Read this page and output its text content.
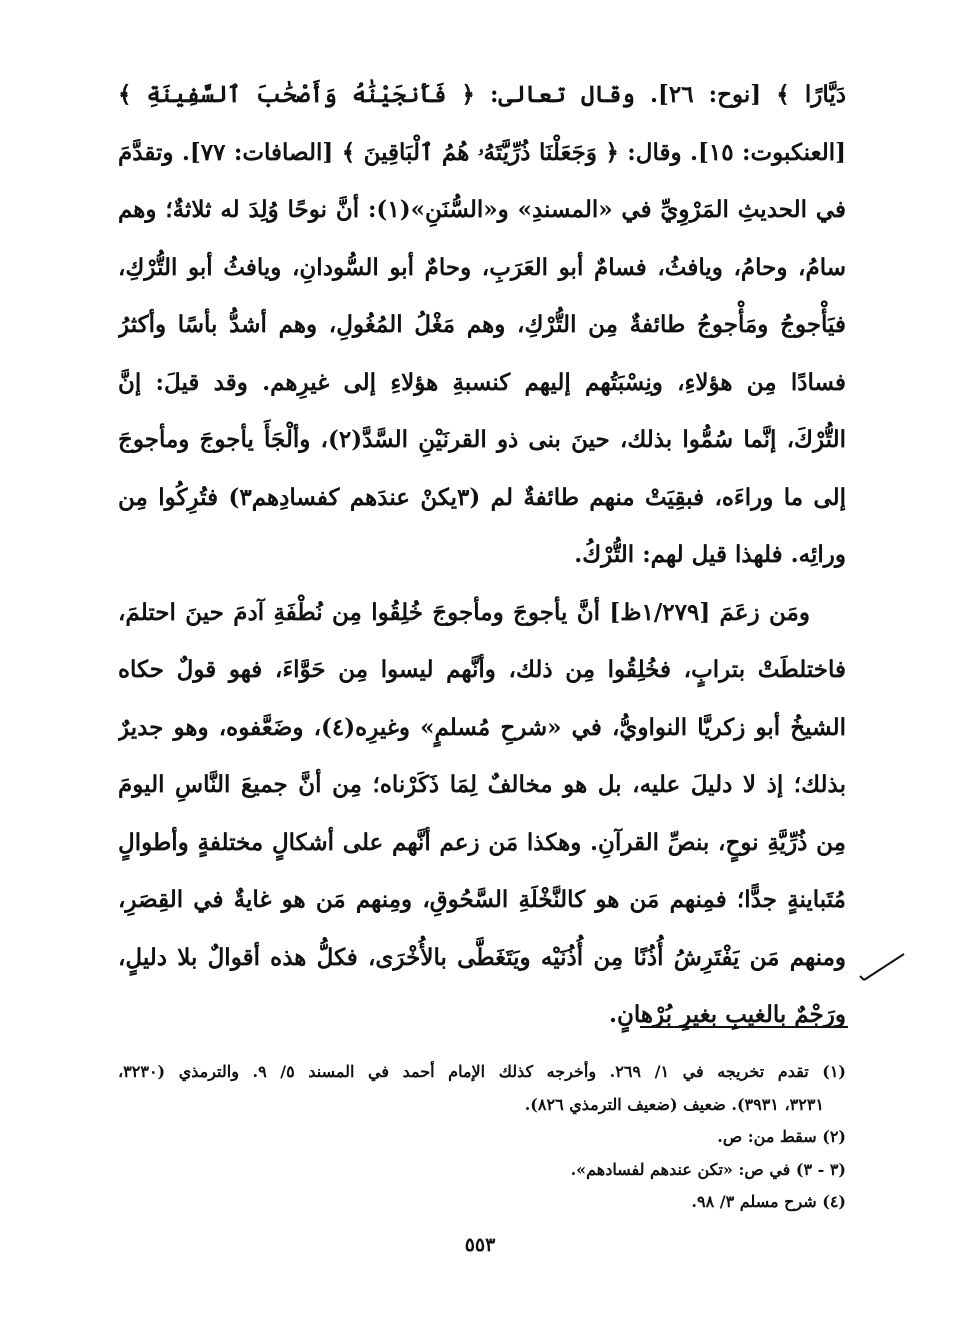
دَيَّارًا ﴾ [نوح: ٢٦]. وقال تعالى: ﴿ فَأَنجَيْنَٰهُ وَأَصْحَٰبَ ٱلسَّفِينَةِ ﴾
[العنكبوت: ١٥]. وقال: ﴿ وَجَعَلْنَا ذُرِّيَّتَهُۥ هُمُ ٱلْبَاقِينَ ﴾ [الصافات: ٧٧]. وتقدَّمَ
في الحديثِ المَرْوِيِّ في «المسندِ» و«السُّنَنِ»(١): أنَّ نوحًا وُلِدَ له ثلاثةٌ؛ وهم
سامُ، وحامُ، ويافثُ، فسامٌ أبو العَرَبِ، وحامٌ أبو السُّودانِ، ويافثُ أبو التُّرْكِ،
فيَأْجوجُ ومَأْجوجُ طائفةٌ مِن التُّرْكِ، وهم مَغْلُ المُغُولِ، وهم أشدُّ بأسًا وأكثرُ
فسادًا مِن هؤلاءِ، ونِسْبَتُهم إليهم كنسبةِ هؤلاءِ إلى غيرِهم. وقد قيلَ: إنَّ
التُّرْكَ، إنَّما سُمُّوا بذلك، حينَ بنى ذو القرنَيْنِ السَّدَّ(٢)، وألْجَأَ يأجوجَ ومأجوجَ
إلى ما وراءَه، فبقِيَتْ منهم طائفةٌ لم (٣يكنْ عندَهم كفسادِهم٣) فتُرِكُوا مِن
ورائِه. فلهذا قيل لهم: التُّرْكُ.
ومَن زعَمَ [١/٢٧٩ظ] أنَّ يأجوجَ ومأجوجَ خُلِقُوا مِن نُطْفَةِ آدمَ حينَ احتلمَ،
فاختلطَتْ بترابٍ، فخُلِقُوا مِن ذلك، وأنَّهم ليسوا مِن حَوَّاءَ، فهو قولٌ حكاه
الشيخُ أبو زكريَّا النواويُّ، في «شرحِ مُسلمٍ» وغيرِه(٤)، وضَعَّفوه، وهو جديرٌ
بذلك؛ إذ لا دليلَ عليه، بل هو مخالفٌ لِمَا ذَكَرْناه؛ مِن أنَّ جميعَ النَّاسِ اليومَ
مِن ذُرِّيَّةِ نوحٍ، بنصِّ القرآنِ. وهكذا مَن زعم أنَّهم على أشكالٍ مختلفةٍ وأطوالٍ
مُتَباينةٍ جدًّا؛ فمِنهم مَن هو كالنَّخْلَةِ السَّحُوقِ، ومِنهم مَن هو غايةٌ في القِصَرِ،
ومنهم مَن يَفْتَرِشُ أُذُنًا مِن أُذُنَيْه ويَتَغَطَّى بالأُخْرَى، فكلُّ هذه أقوالٌ بلا دليلٍ،
ورَجْمٌ بالغيبِ بغيرِ بُرْهانٍ.
(١) تقدم تخريجه في ١/ ٢٦٩. وأخرجه كذلك الإمام أحمد في المسند ٥/ ٩. والترمذي (٣٢٣٠،
٣٢٣١، ٣٩٣١). ضعيف (ضعيف الترمذي ٨٢٦).
(٢) سقط من: ص.
(٣ - ٣) في ص: «تكن عندهم لفسادهم».
(٤) شرح مسلم ٣/ ٩٨.
٥٥٣
